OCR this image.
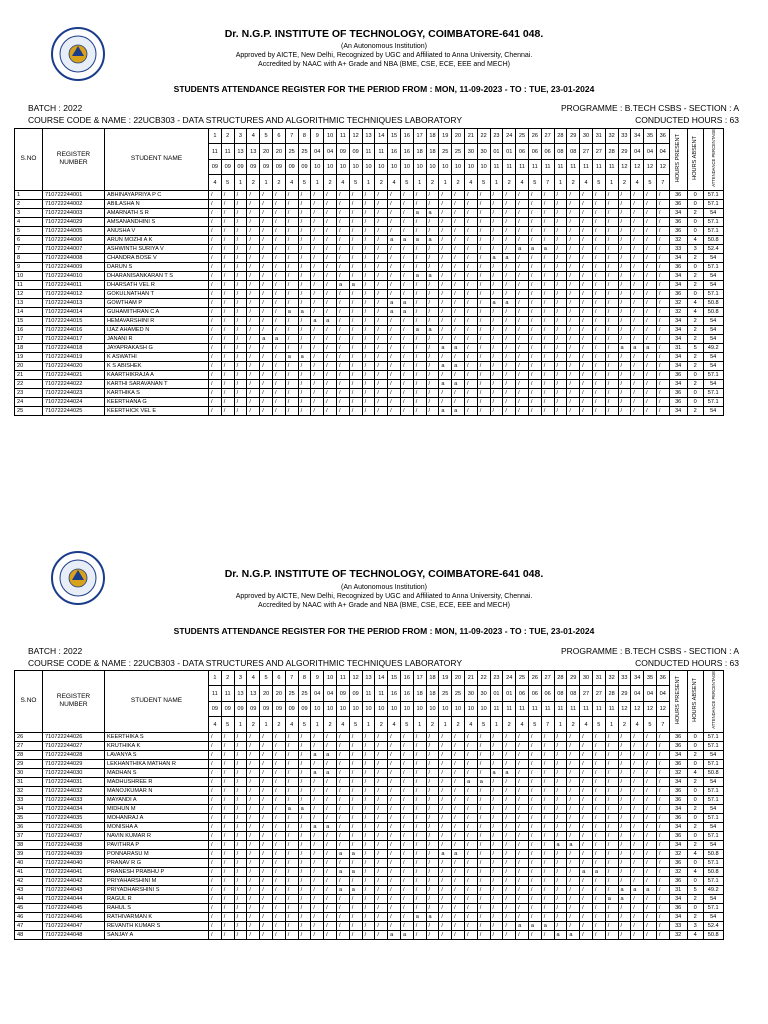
Dr. N.G.P. INSTITUTE OF TECHNOLOGY, COIMBATORE-641 048.
(An Autonomous Institution)
Approved by AICTE, New Delhi, Recognized by UGC and Affiliated to Anna University, Chennai.
Accredited by NAAC with A+ Grade and NBA (BME, CSE, ECE, EEE and MECH)
STUDENTS ATTENDANCE REGISTER FOR THE PERIOD FROM : MON, 11-09-2023 - TO : TUE, 23-01-2024
BATCH : 2022	PROGRAMME : B.TECH CSBS - SECTION : A
COURSE CODE & NAME : 22UCB303 - DATA STRUCTURES AND ALGORITHMIC TECHNIQUES LABORATORY	CONDUCTED HOURS : 63
S.NO	REGISTER NUMBER	STUDENT NAME	1	2	3	4	5	6	7	8	9	10	11	12	13	14	15	16	17	18	19	20	21	22	23	24	25	26	27	28	29	30	31	32	33	34	35	36	HOURS PRESENT	HOURS ABSENT	ATTENDANCE PERCENTAGE
			11	11	13	13	20	20	25	25	04	04	09	09	11	11	16	16	18	18	25	25	30	30	01	01	06	06	06	08	08	27	27	28	29	04	04	04			
			09	09	09	09	09	09	09	09	10	10	10	10	10	10	10	10	10	10	10	10	10	10	11	11	11	11	11	11	11	11	11	11	12	12	12	12			
			4	5	1	2	1	2	4	5	1	2	4	5	1	2	4	5	1	2	1	2	4	5	1	2	4	5	7	1	2	4	5	1	2	4	5	7			
1	710722244001	ABHINAYAPRIYA P C	/	/	/	/	/	/	/	/	/	/	/	/	/	/	/	/	/	/	/	/	/	/	/	/	/	/	/	/	/	/	/	/	/	/	/	/	36	0	57.1
2	710722244002	ABILASHA N	/	/	/	/	/	/	/	/	/	/	/	/	/	/	/	/	/	/	/	/	/	/	/	/	/	/	/	/	/	/	/	/	/	/	/	/	36	0	57.1
3	710722244003	AMARNATH S R	/	/	/	/	/	/	/	/	/	/	/	/	/	/	/	/	a	a	/	/	/	/	/	/	/	/	/	/	/	/	/	/	/	/	/	/	34	2	54
4	710722244029	AMSANANDHINI S	/	/	/	/	/	/	/	/	/	/	/	/	/	/	/	/	/	/	/	/	/	/	/	/	/	/	/	/	/	/	/	/	/	/	/	/	36	0	57.1
5	710722244005	ANUSHA V	/	/	/	/	/	/	/	/	/	/	/	/	/	/	/	/	/	/	/	/	/	/	/	/	/	/	/	/	/	/	/	/	/	/	/	/	36	0	57.1
6	710722244006	ARUN MOZHI A K	/	/	/	/	/	/	/	/	/	/	/	/	/	/	a	a	a	a	/	/	/	/	/	/	/	/	/	/	/	/	/	/	/	/	/	/	32	4	50.8
7	710722244007	ASHWINTH SURIYA V	/	/	/	/	/	/	/	/	/	/	/	/	/	/	/	/	/	/	/	/	/	/	/	/	a	a	a	/	/	/	/	/	/	/	/	/	33	3	52.4
8	710722244008	CHANDRA BOSE V	/	/	/	/	/	/	/	/	/	/	/	/	/	/	/	/	/	/	/	/	/	/	a	a	/	/	/	/	/	/	/	/	/	/	/	/	34	2	54
9	710722244009	DARUN S	/	/	/	/	/	/	/	/	/	/	/	/	/	/	/	/	/	/	/	/	/	/	/	/	/	/	/	/	/	/	/	/	/	/	/	/	36	0	57.1
10	710722244010	DHARANISANKARAN T S	/	/	/	/	/	/	/	/	/	/	/	/	/	/	/	/	a	a	/	/	/	/	/	/	/	/	/	/	/	/	/	/	/	/	/	/	34	2	54
11	710722244011	DHARSATH VEL R	/	/	/	/	/	/	/	/	/	/	a	a	/	/	/	/	/	/	/	/	/	/	/	/	/	/	/	/	/	/	/	/	/	/	/	/	34	2	54
12	710722244012	GOKULNATHAN T	/	/	/	/	/	/	/	/	/	/	/	/	/	/	/	/	/	/	/	/	/	/	/	/	/	/	/	/	/	/	/	/	/	/	/	/	36	0	57.1
13	710722244013	GOWTHAM P	/	/	/	/	/	/	/	/	/	/	/	/	/	/	a	a	/	/	/	/	/	/	a	a	/	/	/	/	/	/	/	/	/	/	/	/	32	4	50.8
14	710722244014	GUHAMITHRAN C A	/	/	/	/	/	/	a	a	/	/	/	/	/	/	a	a	/	/	/	/	/	/	/	/	/	/	/	/	/	/	/	/	/	/	/	/	32	4	50.8
15	710722244015	HEMAVARSHINI R	/	/	/	/	/	/	/	/	a	a	/	/	/	/	/	/	/	/	/	/	/	/	/	/	/	/	/	/	/	/	/	/	/	/	/	/	34	2	54
16	710722244016	IJAZ AHAMED N	/	/	/	/	/	/	/	/	/	/	/	/	/	/	/	/	a	a	/	/	/	/	/	/	/	/	/	/	/	/	/	/	/	/	/	/	34	2	54
17	710722244017	JANANI R	/	/	/	/	a	a	/	/	/	/	/	/	/	/	/	/	/	/	/	/	/	/	/	/	/	/	/	/	/	/	/	/	/	/	/	/	34	2	54
18	710722244018	JAYAPRAKASH G	/	/	/	/	/	/	/	/	/	/	/	/	/	/	/	/	/	/	a	a	/	/	/	/	/	/	/	/	/	/	/	/	a	a	a	/	31	5	49.2
19	710722244019	K ASWATHI	/	/	/	/	/	/	a	a	/	/	/	/	/	/	/	/	/	/	/	/	/	/	/	/	/	/	/	/	/	/	/	/	/	/	/	/	34	2	54
20	710722244020	K S ABISHEK	/	/	/	/	/	/	/	/	/	/	/	/	/	/	/	/	/	/	a	a	/	/	/	/	/	/	/	/	/	/	/	/	/	/	/	/	34	2	54
21	710722244021	KAARTHIKRAJA A	/	/	/	/	/	/	/	/	/	/	/	/	/	/	/	/	/	/	/	/	/	/	/	/	/	/	/	/	/	/	/	/	/	/	/	/	36	0	57.1
22	710722244022	KARTHI SARAVANAN T	/	/	/	/	/	/	/	/	/	/	/	/	/	/	/	/	/	/	a	a	/	/	/	/	/	/	/	/	/	/	/	/	/	/	/	/	34	2	54
23	710722244023	KARTHIKA S	/	/	/	/	/	/	/	/	/	/	/	/	/	/	/	/	/	/	/	/	/	/	/	/	/	/	/	/	/	/	/	/	/	/	/	/	36	0	57.1
24	710722244024	KEERTHANA G	/	/	/	/	/	/	/	/	/	/	/	/	/	/	/	/	/	/	/	/	/	/	/	/	/	/	/	/	/	/	/	/	/	/	/	/	36	0	57.1
25	710722244025	KEERTHICK VEL E	/	/	/	/	/	/	/	/	/	/	/	/	/	/	/	/	/	/	a	a	/	/	/	/	/	/	/	/	/	/	/	/	/	/	/	/	34	2	54
Dr. N.G.P. INSTITUTE OF TECHNOLOGY, COIMBATORE-641 048.
(An Autonomous Institution)
Approved by AICTE, New Delhi, Recognized by UGC and Affiliated to Anna University, Chennai.
Accredited by NAAC with A+ Grade and NBA (BME, CSE, ECE, EEE and MECH)
STUDENTS ATTENDANCE REGISTER FOR THE PERIOD FROM : MON, 11-09-2023 - TO : TUE, 23-01-2024
BATCH : 2022	PROGRAMME : B.TECH CSBS - SECTION : A
COURSE CODE & NAME : 22UCB303 - DATA STRUCTURES AND ALGORITHMIC TECHNIQUES LABORATORY	CONDUCTED HOURS : 63
S.NO	REGISTER NUMBER	STUDENT NAME	1	2	3	4	5	6	7	8	9	10	11	12	13	14	15	16	17	18	19	20	21	22	23	24	25	26	27	28	29	30	31	32	33	34	35	36	HOURS PRESENT	HOURS ABSENT	ATTENDANCE PERCENTAGE
			11	11	13	13	20	20	25	25	04	04	09	09	11	11	16	16	18	18	25	25	30	30	01	01	06	06	06	08	08	27	27	28	29	04	04	04			
			09	09	09	09	09	09	09	09	10	10	10	10	10	10	10	10	10	10	10	10	10	10	11	11	11	11	11	11	11	11	11	11	12	12	12	12			
			4	5	1	2	1	2	4	5	1	2	4	5	1	2	4	5	1	2	1	2	4	5	1	2	4	5	7	1	2	4	5	1	2	4	5	7			
26	710722244026	KEERTHIKA S	/	/	/	/	/	/	/	/	/	/	/	/	/	/	/	/	/	/	/	/	/	/	/	/	/	/	/	/	/	/	/	/	/	/	/	/	36	0	57.1
27	710722244027	KRUTHIKA K	/	/	/	/	/	/	/	/	/	/	/	/	/	/	/	/	/	/	/	/	/	/	/	/	/	/	/	/	/	/	/	/	/	/	/	/	36	0	57.1
28	710722244028	LAVANYA S	/	/	/	/	/	/	/	/	a	a	/	/	/	/	/	/	/	/	/	/	/	/	/	/	/	/	/	/	/	/	/	/	/	/	/	/	34	2	54
29	710722244029	LEKHANTHIKA MATHAN R	/	/	/	/	/	/	/	/	/	/	/	/	/	/	/	/	/	/	/	/	/	/	/	/	/	/	/	/	/	/	/	/	/	/	/	/	36	0	57.1
30	710722244030	MADHAN S	/	/	/	/	/	/	/	/	a	a	/	/	/	/	/	/	/	/	/	/	/	/	a	a	/	/	/	/	/	/	/	/	/	/	/	/	32	4	50.8
31	710722244031	MADHUSHREE R	/	/	/	/	/	/	/	/	/	/	/	/	/	/	/	/	/	/	/	/	a	a	/	/	/	/	/	/	/	/	/	/	/	/	/	/	34	2	54
32	710722244032	MANOJKUMAR N	/	/	/	/	/	/	/	/	/	/	/	/	/	/	/	/	/	/	/	/	/	/	/	/	/	/	/	/	/	/	/	/	/	/	/	/	36	0	57.1
33	710722244033	MAYANDI A	/	/	/	/	/	/	/	/	/	/	/	/	/	/	/	/	/	/	/	/	/	/	/	/	/	/	/	/	/	/	/	/	/	/	/	/	36	0	57.1
34	710722244034	MIDHUN M	/	/	/	/	/	/	a	a	/	/	/	/	/	/	/	/	/	/	/	/	/	/	/	/	/	/	/	/	/	/	/	/	/	/	/	/	34	2	54
35	710722244035	MOHANRAJ A	/	/	/	/	/	/	/	/	/	/	/	/	/	/	/	/	/	/	/	/	/	/	/	/	/	/	/	/	/	/	/	/	/	/	/	/	36	0	57.1
36	710722244036	MONISHA A	/	/	/	/	/	/	/	/	a	a	/	/	/	/	/	/	/	/	/	/	/	/	/	/	/	/	/	/	/	/	/	/	/	/	/	/	34	2	54
37	710722244037	NAVIN KUMAR R	/	/	/	/	/	/	/	/	/	/	/	/	/	/	/	/	/	/	/	/	/	/	/	/	/	/	/	/	/	/	/	/	/	/	/	/	36	0	57.1
38	710722244038	PAVITHRA P	/	/	/	/	/	/	/	/	/	/	/	/	/	/	/	/	/	/	/	/	/	/	/	/	/	/	/	a	a	/	/	/	/	/	/	/	34	2	54
39	710722244039	PONNARASU M	/	/	/	/	/	/	/	/	/	/	a	a	/	/	/	/	/	/	a	a	/	/	/	/	/	/	/	/	/	/	/	/	/	/	/	/	32	4	50.8
40	710722244040	PRANAV R G	/	/	/	/	/	/	/	/	/	/	/	/	/	/	/	/	/	/	/	/	/	/	/	/	/	/	/	/	/	/	/	/	/	/	/	/	36	0	57.1
41	710722244041	PRANESH PRABHU P	/	/	/	/	/	/	/	/	/	/	a	a	/	/	/	/	/	/	/	/	/	/	/	/	/	/	/	/	/	a	a	/	/	/	/	/	32	4	50.8
42	710722244042	PRIYAHARSHINI M	/	/	/	/	/	/	/	/	/	/	/	/	/	/	/	/	/	/	/	/	/	/	/	/	/	/	/	/	/	/	/	/	/	/	/	/	36	0	57.1
43	710722244043	PRIYADHARSHINI S	/	/	/	/	/	/	/	/	/	/	a	a	/	/	/	/	/	/	/	/	/	/	/	/	/	/	/	/	/	/	/	/	a	a	a	/	31	5	49.2
44	710722244044	RAGUL R	/	/	/	/	/	/	/	/	/	/	/	/	/	/	/	/	/	/	/	/	/	/	/	/	/	/	/	/	/	/	/	a	a	/	/	/	34	2	54
45	710722244045	RAHUL S	/	/	/	/	/	/	/	/	/	/	/	/	/	/	/	/	/	/	/	/	/	/	/	/	/	/	/	/	/	/	/	/	/	/	/	/	36	0	57.1
46	710722244046	RATHIVARMAN K	/	/	/	/	/	/	/	/	/	/	/	/	/	/	/	/	a	a	/	/	/	/	/	/	/	/	/	/	/	/	/	/	/	/	/	/	34	2	54
47	710722244047	REVANTH KUMAR S	/	/	/	/	/	/	/	/	/	/	/	/	/	/	/	/	/	/	/	/	/	/	/	/	a	a	a	/	/	/	/	/	/	/	/	/	33	3	52.4
48	710722244048	SANJAY A	/	/	/	/	/	/	/	/	/	/	/	/	/	/	a	a	/	/	/	/	/	/	/	/	/	/	/	a	a	/	/	/	/	/	/	/	32	4	50.8
